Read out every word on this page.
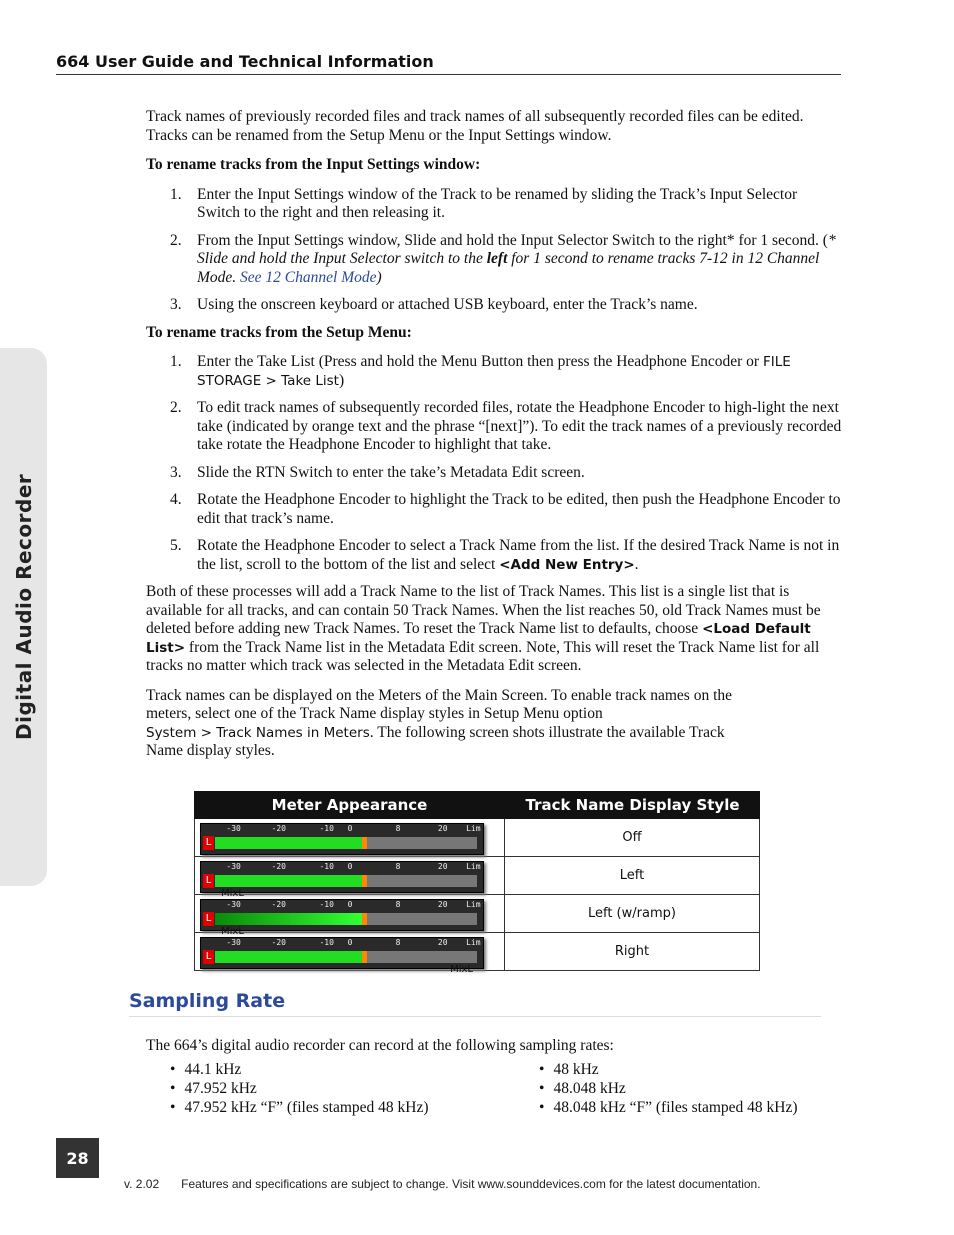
664 User Guide and Technical Information
Digital Audio Recorder

Track names of previously recorded files and track names of all subsequently recorded files can be edited. Tracks can be renamed from the Setup Menu or the Input Settings window.

To rename tracks from the Input Settings window:

1. Enter the Input Settings window of the Track to be renamed by sliding the Track’s Input Selector Switch to the right and then releasing it.
2. From the Input Settings window, Slide and hold the Input Selector Switch to the right* for 1 second. (* Slide and hold the Input Selector switch to the left for 1 second to rename tracks 7-12 in 12 Channel Mode. See 12 Channel Mode)
3. Using the onscreen keyboard or attached USB keyboard, enter the Track’s name.

To rename tracks from the Setup Menu:

1. Enter the Take List (Press and hold the Menu Button then press the Headphone Encoder or FILE STORAGE > Take List)
2. To edit track names of subsequently recorded files, rotate the Headphone Encoder to high-light the next take (indicated by orange text and the phrase “[next]”). To edit the track names of a previously recorded take rotate the Headphone Encoder to highlight that take.
3. Slide the RTN Switch to enter the take’s Metadata Edit screen.
4. Rotate the Headphone Encoder to highlight the Track to be edited, then push the Headphone Encoder to edit that track’s name.
5. Rotate the Headphone Encoder to select a Track Name from the list. If the desired Track Name is not in the list, scroll to the bottom of the list and select <Add New Entry>.

Both of these processes will add a Track Name to the list of Track Names. This list is a single list that is available for all tracks, and can contain 50 Track Names. When the list reaches 50, old Track Names must be deleted before adding new Track Names. To reset the Track Name list to defaults, choose <Load Default List> from the Track Name list in the Metadata Edit screen. Note, This will reset the Track Name list for all tracks no matter which track was selected in the Metadata Edit screen.

Track names can be displayed on the Meters of the Main Screen. To enable track names on the meters, select one of the Track Name display styles in Setup Menu option System > Track Names in Meters. The following screen shots illustrate the available Track Name display styles.

Meter Appearance	Track Name Display Style
-30	-20	-10 0	8	20 Lim
L	Off
-30	-20	-10 0	8	20 Lim
MixL
L	Left
-30	-20	-10 0	8	20 Lim
MixL
L	Left (w/ramp)
-30	-20	-10 0	8	20 Lim
MixL
L	Right
Sampling Rate
The 664’s digital audio recorder can record at the following sampling rates:
• 44.1 kHz
• 47.952 kHz
• 47.952 kHz “F” (files stamped 48 kHz)
• 48 kHz
• 48.048 kHz
• 48.048 kHz “F” (files stamped 48 kHz)
28
v. 2.02 Features and specifications are subject to change. Visit www.sounddevices.com for the latest documentation.
